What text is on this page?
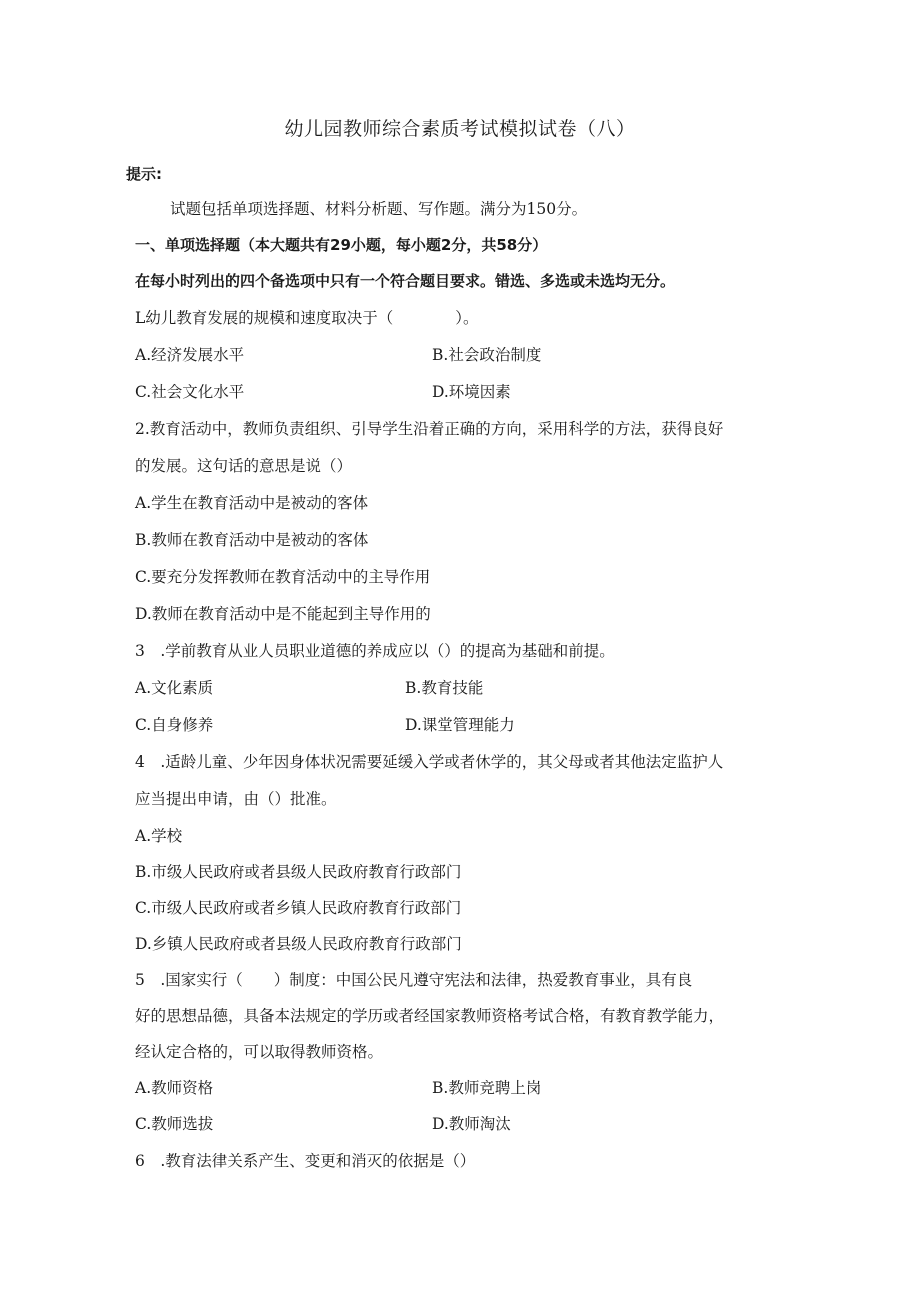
幼儿园教师综合素质考试模拟试卷（八）
提示:
试题包括单项选择题、材料分析题、写作题。满分为150分。
一、单项选择题（本大题共有29小题，每小题2分，共58分）
在每小时列出的四个备选项中只有一个符合题目要求。错选、多选或未选均无分。
L幼儿教育发展的规模和速度取决于（　　　　）。
A.经济发展水平	B.社会政治制度
C.社会文化水平	D.环境因素
2.教育活动中，教师负责组织、引导学生沿着正确的方向，采用科学的方法，获得良好
的发展。这句话的意思是说（）
A.学生在教育活动中是被动的客体
B.教师在教育活动中是被动的客体
C.要充分发挥教师在教育活动中的主导作用
D.教师在教育活动中是不能起到主导作用的
3　.学前教育从业人员职业道德的养成应以（）的提高为基础和前提。
A.文化素质	B.教育技能
C.自身修养	D.课堂管理能力
4　.适龄儿童、少年因身体状况需要延缓入学或者休学的，其父母或者其他法定监护人
应当提出申请，由（）批准。
A.学校
B.市级人民政府或者县级人民政府教育行政部门
C.市级人民政府或者乡镇人民政府教育行政部门
D.乡镇人民政府或者县级人民政府教育行政部门
5　.国家实行（　　）制度：中国公民凡遵守宪法和法律，热爱教育事业，具有良
好的思想品德，具备本法规定的学历或者经国家教师资格考试合格，有教育教学能力，
经认定合格的，可以取得教师资格。
A.教师资格	B.教师竞聘上岗
C.教师选拔	D.教师淘汰
6　.教育法律关系产生、变更和消灭的依据是（）
